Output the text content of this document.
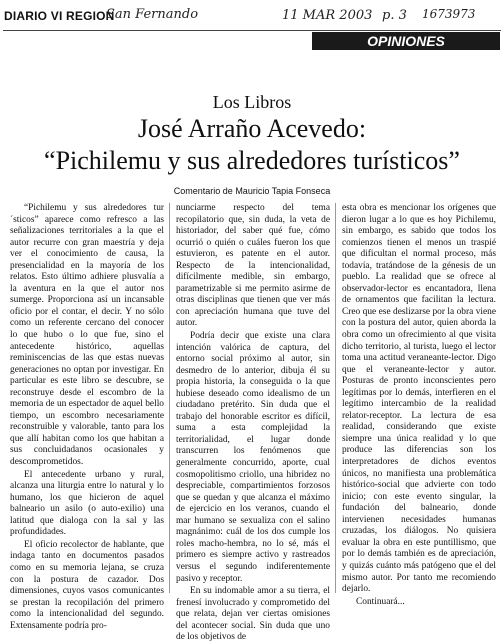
DIARIO VI REGION
San Fernando	11 MAR 2003 p. 3 1673973
OPINIONES
Los Libros
José Arraño Acevedo:
“Pichilemu y sus alrededores turísticos”
Comentario de Mauricio Tapia Fonseca

“Pichilemu y sus alrededores tur´sticos” aparece como refresco a las señalizaciones territoriales a la que el autor recurre con gran maestría y deja ver el conocimiento de causa, la presencialidad en la mayoría de los relatos. Esto último adhiere plusvalía a la aventura en la que el autor nos sumerge. Proporciona así un incansable oficio por el contar, el decir. Y no sólo como un referente cercano del conocer lo que hubo o lo que fue, sino el antecedente histórico, aquellas reminiscencias de las que estas nuevas generaciones no optan por investigar. En particular es este libro se descubre, se reconstruye desde el escombro de la memoria de un espectador de aquel bello tiempo, un escombro necesariamente reconstruible y valorable, tanto para los que allí habitan como los que habitan a sus concluidadanos ocasionales y descomprometidos.

El antecedente urbano y rural, alcanza una liturgia entre lo natural y lo humano, los que hicieron de aquel balneario un asilo (o auto-exilio) una latitud que dialoga con la sal y las profundidades.

El oficio recolector de hablante, que indaga tanto en documentos pasados como en su memoria lejana, se cruza con la postura de cazador. Dos dimensiones, cuyos vasos comunicantes se prestan la recopilación del primero como la intencionalidad del segundo. Extensamente podría pro-

nunciarme respecto del tema recopilatorio que, sin duda, la veta de historiador, del saber qué fue, cómo ocurrió o quién o cuáles fueron los que estuvieron, es patente en el autor. Respecto de la intencionalidad, difícilmente medible, sin embargo, parametrizable si me permito asirme de otras disciplinas que tienen que ver más con apreciación humana que tuve del autor.

Podría decir que existe una clara intención valórica de captura, del entorno social próximo al autor, sin desmedro de lo anterior, dibuja él su propia historia, la conseguida o la que hubiese deseado como idealismo de un ciudadano pretérito. Sin duda que el trabajo del honorable escritor es difícil, suma a esta complejidad la territorialidad, el lugar donde transcurren los fenómenos que generalmente concurrido, aporte, cual cosmopolitismo criollo, una hibridez no despreciable, compartimientos forzosos que se quedan y que alcanza el máximo de ejercicio en los veranos, cuando el mar humano se sexualiza con el salino magnánimo: cuál de los dos cumple los roles macho-hembra, no lo sé, más el primero es siempre activo y rastreados versus el segundo indiferentemente pasivo y receptor.

En su indomable amor a su tierra, el frenesí involucrado y comprometido del que relata, dejan ver ciertas omisiones del acontecer social. Sin duda que uno de los objetivos de

esta obra es mencionar los orígenes que dieron lugar a lo que es hoy Pichilemu, sin embargo, es sabido que todos los comienzos tienen el menos un traspié que dificultan el normal proceso, más todavía, tratándose de la génesis de un pueblo. La realidad que se ofrece al observador-lector es encantadora, llena de ornamentos que facilitan la lectura. Creo que ese deslizarse por la obra viene con la postura del autor, quien aborda la obra como un ofrecimiento al que visita dicho territorio, al turista, luego el lector toma una actitud veraneante-lector. Digo que el veraneante-lector y autor. Posturas de pronto inconscientes pero legítimas por lo demás, interfieren en el legítimo intercambio de la realidad relator-receptor. La lectura de esa realidad, considerando que existe siempre una única realidad y lo que produce las diferencias son los interpretadores de dichos eventos únicos, no manifiesta una problemática histórico-social que advierte con todo inicio; con este evento singular, la fundación del balneario, donde intervienen necesidades humanas cruzadas, los diálogos. No quisiera evaluar la obra en este puntillismo, que por lo demás también es de apreciación, y quizás cuánto más patógeno que el del mismo autor. Por tanto me recomiendo dejarlo.

Continuará...
